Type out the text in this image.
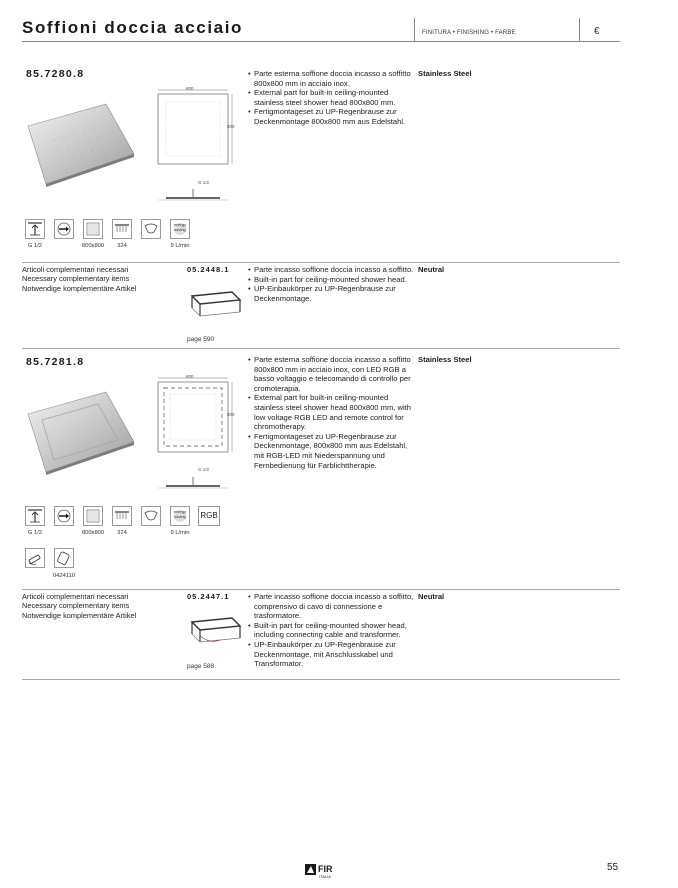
Soffioni doccia acciaio	FINITURA • FINISHING • FARBE	€
85.7280.8
800
800
G 1/2
• Parte esterna soffione doccia incasso a soffitto 800x800 mm in acciaio inox.
• External part for built-in ceiling-mounted stainless steel shower head 800x800 mm.
• Fertigmontageset zu UP-Regenbrause zur Deckenmontage 800x800 mm aus Edelstahl.
Stainless Steel
energy saving
G 1/2	800x800	324	9 L/min
Articoli complementari necessari
Necessary complementary items
Notwendige komplementäre Artikel
05.2448.1
page 590
• Parte incasso soffione doccia incasso a soffitto.
• Built-in part for ceiling-mounted shower head.
• UP-Einbaukörper zu UP-Regenbrause zur Deckenmontage.
Neutral
85.7281.8
800
800
G 1/2
• Parte esterna soffione doccia incasso a soffitto 800x800 mm in acciaio inox, con LED RGB a basso voltaggio e telecomando di controllo per cromoterapia.
• External part for built-in ceiling-mounted stainless steel shower head 800x800 mm, with low voltage RGB LED and remote control for chromotherapy.
• Fertigmontageset zu UP-Regenbrause zur Deckenmontage, 800x800 mm aus Edelstahl, mit RGB-LED mit Niederspannung und Fernbedienung für Farblichttherapie.
Stainless Steel
energy saving RGB
G 1/2	800x800	324	9 L/min
0424110
Articoli complementari necessari
Necessary complementary items
Notwendige komplementäre Artikel
05.2447.1
page 588
• Parte incasso soffione doccia incasso a soffitto, comprensivo di cavo di connessione e trasformatore.
• Built-in part for ceiling-mounted shower head, including connecting cable and transformer.
• UP-Einbaukörper zu UP-Regenbrause zur Deckenmontage, mit Anschlusskabel und Transformator.
Neutral
FIR
ITALIA
55
